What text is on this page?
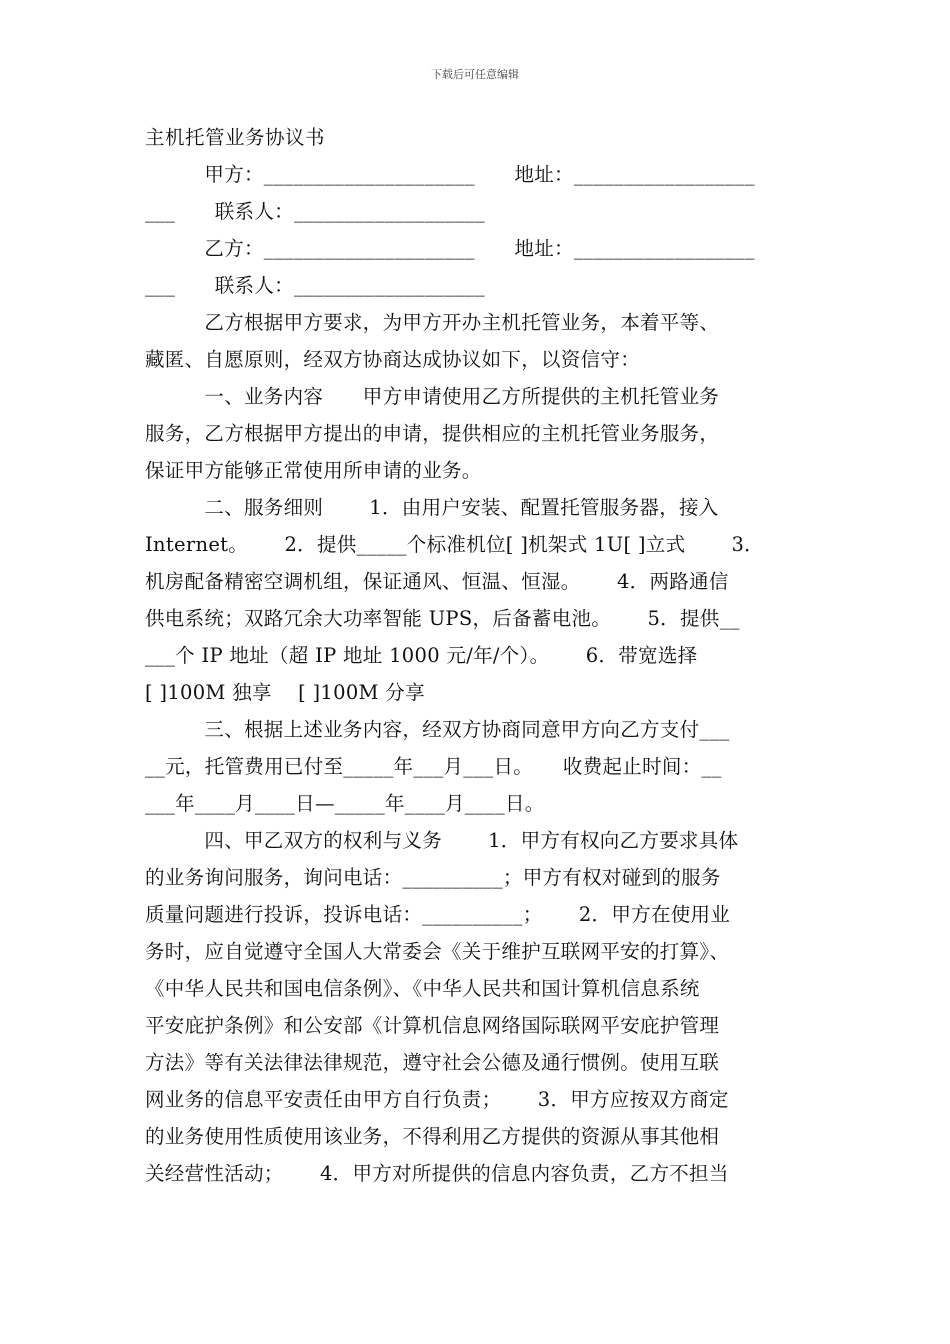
下载后可任意编辑
主机托管业务协议书
　　　甲方：_____________________　　地址：__________________
___　　联系人：___________________
　　　乙方：_____________________　　地址：__________________
___　　联系人：___________________
　　　乙方根据甲方要求，为甲方开办主机托管业务，本着平等、
藏匿、自愿原则，经双方协商达成协议如下，以资信守：
　　　一、业务内容　　甲方申请使用乙方所提供的主机托管业务
服务，乙方根据甲方提出的申请，提供相应的主机托管业务服务，
保证甲方能够正常使用所申请的业务。
　　　二、服务细则　　 1．由用户安装、配置托管服务器，接入
Internet。　　 2．提供_____个标准机位[ ]机架式 1U[ ]立式　　 3．
机房配备精密空调机组，保证通风、恒温、恒湿。　　 4．两路通信
供电系统；双路冗余大功率智能 UPS，后备蓄电池。　　 5．提供__
___个 IP 地址（超 IP 地址 1000 元/年/个）。　　 6．带宽选择
[ ]100M 独享　 [ ]100M 分享
　　　三、根据上述业务内容，经双方协商同意甲方向乙方支付___
__元，托管费用已付至_____年___月___日。　　收费起止时间：__
___年____月____日—_____年____月____日。
　　　四、甲乙双方的权利与义务　　 1．甲方有权向乙方要求具体
的业务询问服务，询问电话：__________；甲方有权对碰到的服务
质量问题进行投诉，投诉电话：__________；　　 2．甲方在使用业
务时，应自觉遵守全国人大常委会《关于维护互联网平安的打算》、
《中华人民共和国电信条例》、《中华人民共和国计算机信息系统
平安庇护条例》和公安部《计算机信息网络国际联网平安庇护管理
方法》等有关法律法律规范，遵守社会公德及通行惯例。使用互联
网业务的信息平安责任由甲方自行负责；　　 3．甲方应按双方商定
的业务使用性质使用该业务，不得利用乙方提供的资源从事其他相
关经营性活动；　　 4．甲方对所提供的信息内容负责，乙方不担当
